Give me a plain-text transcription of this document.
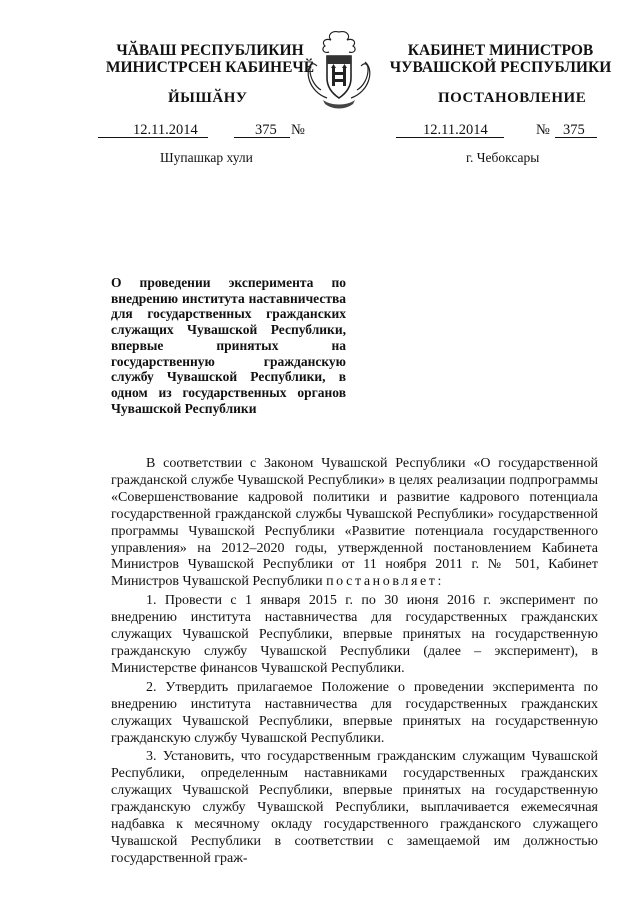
ЧӐВАШ РЕСПУБЛИКИН
МИНИСТРСЕН КАБИНЕЧӖ
ЙЫШӐНУ
КАБИНЕТ МИНИСТРОВ
ЧУВАШСКОЙ РЕСПУБЛИКИ
ПОСТАНОВЛЕНИЕ
12.11.2014	375 №	12.11.2014	№ 375
Шупашкар хули	г. Чебоксары

О проведении эксперимента по внедрению института наставничества для государственных гражданских служащих Чувашской Республики, впервые принятых на государственную гражданскую службу Чувашской Республики, в одном из государственных органов Чувашской Республики

В соответствии с Законом Чувашской Республики «О государственной гражданской службе Чувашской Республики» в целях реализации подпрограммы «Совершенствование кадровой политики и развитие кадрового потенциала государственной гражданской службы Чувашской Республики» государственной программы Чувашской Республики «Развитие потенциала государственного управления» на 2012–2020 годы, утвержденной постановлением Кабинета Министров Чувашской Республики от 11 ноября 2011 г. № 501, Кабинет Министров Чувашской Республики постановляет:

1. Провести с 1 января 2015 г. по 30 июня 2016 г. эксперимент по внедрению института наставничества для государственных гражданских служащих Чувашской Республики, впервые принятых на государственную гражданскую службу Чувашской Республики (далее – эксперимент), в Министерстве финансов Чувашской Республики.

2. Утвердить прилагаемое Положение о проведении эксперимента по внедрению института наставничества для государственных гражданских служащих Чувашской Республики, впервые принятых на государственную гражданскую службу Чувашской Республики.

3. Установить, что государственным гражданским служащим Чувашской Республики, определенным наставниками государственных гражданских служащих Чувашской Республики, впервые принятых на государственную гражданскую службу Чувашской Республики, выплачивается ежемесячная надбавка к месячному окладу государственного гражданского служащего Чувашской Республики в соответствии с замещаемой им должностью государственной граж-
